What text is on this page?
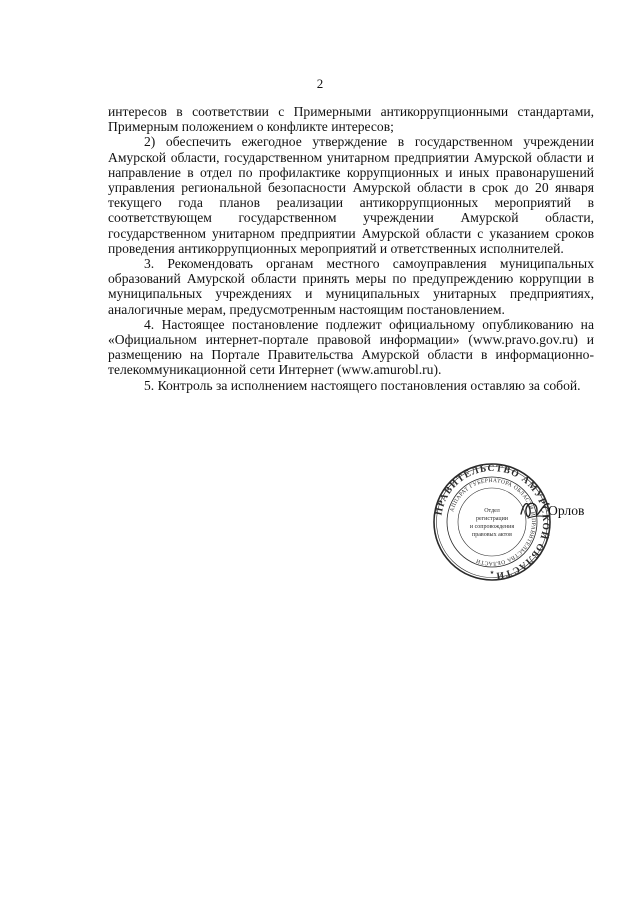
2

интересов в соответствии с Примерными антикоррупционными стандартами, Примерным положением о конфликте интересов;

2) обеспечить ежегодное утверждение в государственном учреждении Амурской области, государственном унитарном предприятии Амурской области и направление в отдел по профилактике коррупционных и иных правонарушений управления региональной безопасности Амурской области в срок до 20 января текущего года планов реализации антикоррупционных мероприятий в соответствующем государственном учреждении Амурской области, государственном унитарном предприятии Амурской области с указанием сроков проведения антикоррупционных мероприятий и ответственных исполнителей.

3. Рекомендовать органам местного самоуправления муниципальных образований Амурской области принять меры по предупреждению коррупции в муниципальных учреждениях и муниципальных унитарных предприятиях, аналогичные мерам, предусмотренным настоящим постановлением.

4. Настоящее постановление подлежит официальному опубликованию на «Официальном интернет-портале правовой информации» (www.pravo.gov.ru) и размещению на Портале Правительства Амурской области в информационно-телекоммуникационной сети Интернет (www.amurobl.ru).

5. Контроль за исполнением настоящего постановления оставляю за собой.

ПРАВИТЕЛЬСТВО АМУРСКОЙ ОБЛАСТИ
АППАРАТ ГУБЕРНАТОРА ОБЛАСТИ И ПРАВИТЕЛЬСТВА ОБЛАСТИ
Отдел
регистрации
и сопровождения
правовых актов
★
Орлов
